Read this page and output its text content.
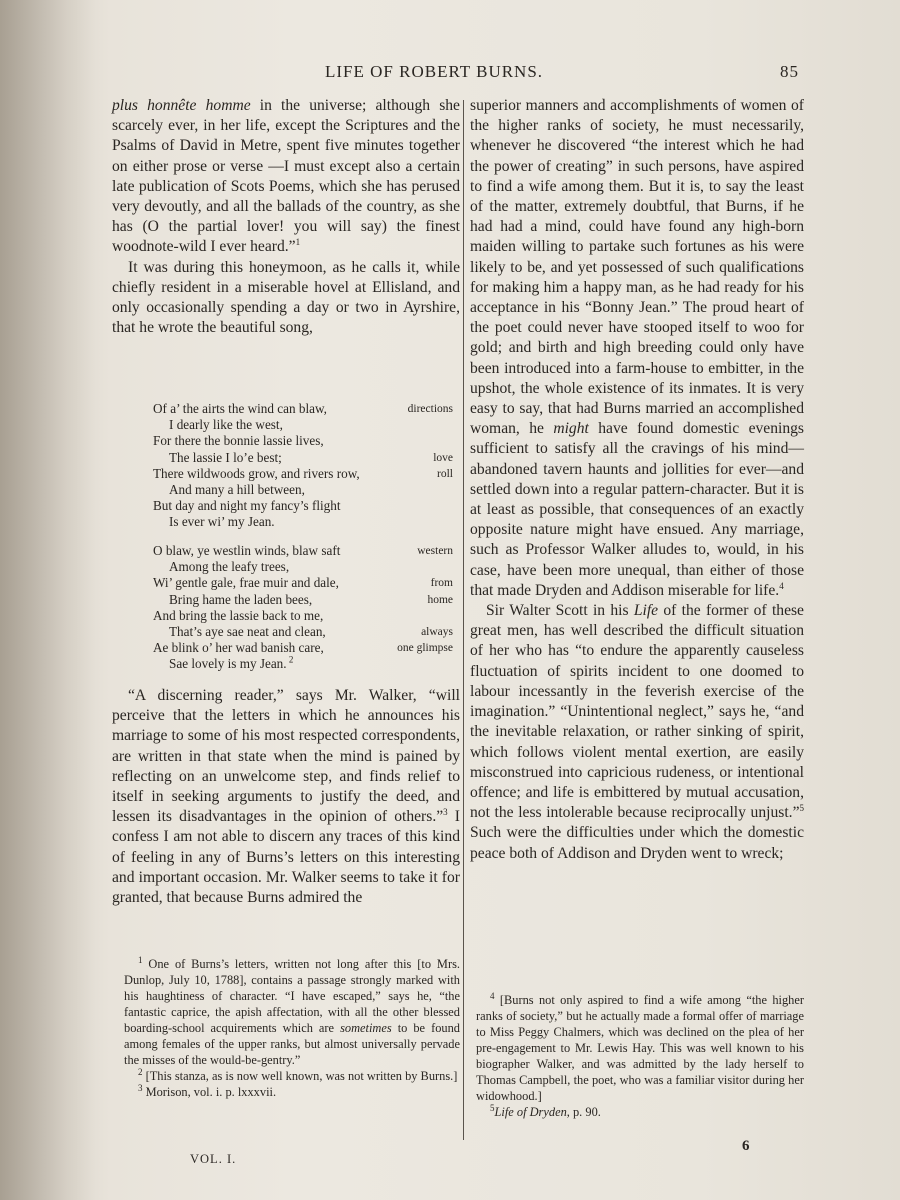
LIFE OF ROBERT BURNS.	85

plus honnête homme in the universe; although she scarcely ever, in her life, except the Scriptures and the Psalms of David in Metre, spent five minutes together on either prose or verse —I must except also a certain late publication of Scots Poems, which she has perused very devoutly, and all the ballads of the country, as she has (O the partial lover! you will say) the finest woodnote-wild I ever heard.”$^1$

It was during this honeymoon, as he calls it, while chiefly resident in a miserable hovel at Ellisland, and only occasionally spending a day or two in Ayrshire, that he wrote the beautiful song,

Of a’ the airts the wind can blaw,	directions
I dearly like the west,
For there the bonnie lassie lives,
The lassie I lo’e best;	love
There wildwoods grow, and rivers row,	roll
And many a hill between,
But day and night my fancy’s flight
Is ever wi’ my Jean.
O blaw, ye westlin winds, blaw saft	western
Among the leafy trees,
Wi’ gentle gale, frae muir and dale,	from
Bring hame the laden bees,	home
And bring the lassie back to me,
That’s aye sae neat and clean,	always
Ae blink o’ her wad banish care,	one glimpse
Sae lovely is my Jean. $^2$

“A discerning reader,” says Mr. Walker, “will perceive that the letters in which he announces his marriage to some of his most respected correspondents, are written in that state when the mind is pained by reflecting on an unwelcome step, and finds relief to itself in seeking arguments to justify the deed, and lessen its disadvantages in the opinion of others.”$^3$ I confess I am not able to discern any traces of this kind of feeling in any of Burns’s letters on this interesting and important occasion. Mr. Walker seems to take it for granted, that because Burns admired the

$^1$ One of Burns’s letters, written not long after this [to Mrs. Dunlop, July 10, 1788], contains a passage strongly marked with his haughtiness of character. “I have escaped,” says he, “the fantastic caprice, the apish affectation, with all the other blessed boarding-school acquirements which are sometimes to be found among females of the upper ranks, but almost universally pervade the misses of the would-be-gentry.”

$^2$ [This stanza, as is now well known, was not written by Burns.]

$^3$ Morison, vol. i. p. lxxxvii.

superior manners and accomplishments of women of the higher ranks of society, he must necessarily, whenever he discovered “the interest which he had the power of creating” in such persons, have aspired to find a wife among them. But it is, to say the least of the matter, extremely doubtful, that Burns, if he had had a mind, could have found any high-born maiden willing to partake such fortunes as his were likely to be, and yet possessed of such qualifications for making him a happy man, as he had ready for his acceptance in his “Bonny Jean.” The proud heart of the poet could never have stooped itself to woo for gold; and birth and high breeding could only have been introduced into a farm-house to embitter, in the upshot, the whole existence of its inmates. It is very easy to say, that had Burns married an accomplished woman, he might have found domestic evenings sufficient to satisfy all the cravings of his mind—abandoned tavern haunts and jollities for ever—and settled down into a regular pattern-character. But it is at least as possible, that consequences of an exactly opposite nature might have ensued. Any marriage, such as Professor Walker alludes to, would, in his case, have been more unequal, than either of those that made Dryden and Addison miserable for life.$^4$

Sir Walter Scott in his Life of the former of these great men, has well described the difficult situation of her who has “to endure the apparently causeless fluctuation of spirits incident to one doomed to labour incessantly in the feverish exercise of the imagination.” “Unintentional neglect,” says he, “and the inevitable relaxation, or rather sinking of spirit, which follows violent mental exertion, are easily misconstrued into capricious rudeness, or intentional offence; and life is embittered by mutual accusation, not the less intolerable because reciprocally unjust.”$^5$ Such were the difficulties under which the domestic peace both of Addison and Dryden went to wreck;

$^4$ [Burns not only aspired to find a wife among “the higher ranks of society,” but he actually made a formal offer of marriage to Miss Peggy Chalmers, which was declined on the plea of her pre-engagement to Mr. Lewis Hay. This was well known to his biographer Walker, and was admitted by the lady herself to Thomas Campbell, the poet, who was a familiar visitor during her widowhood.]

$^5$Life of Dryden, p. 90.

VOL. I.
6
